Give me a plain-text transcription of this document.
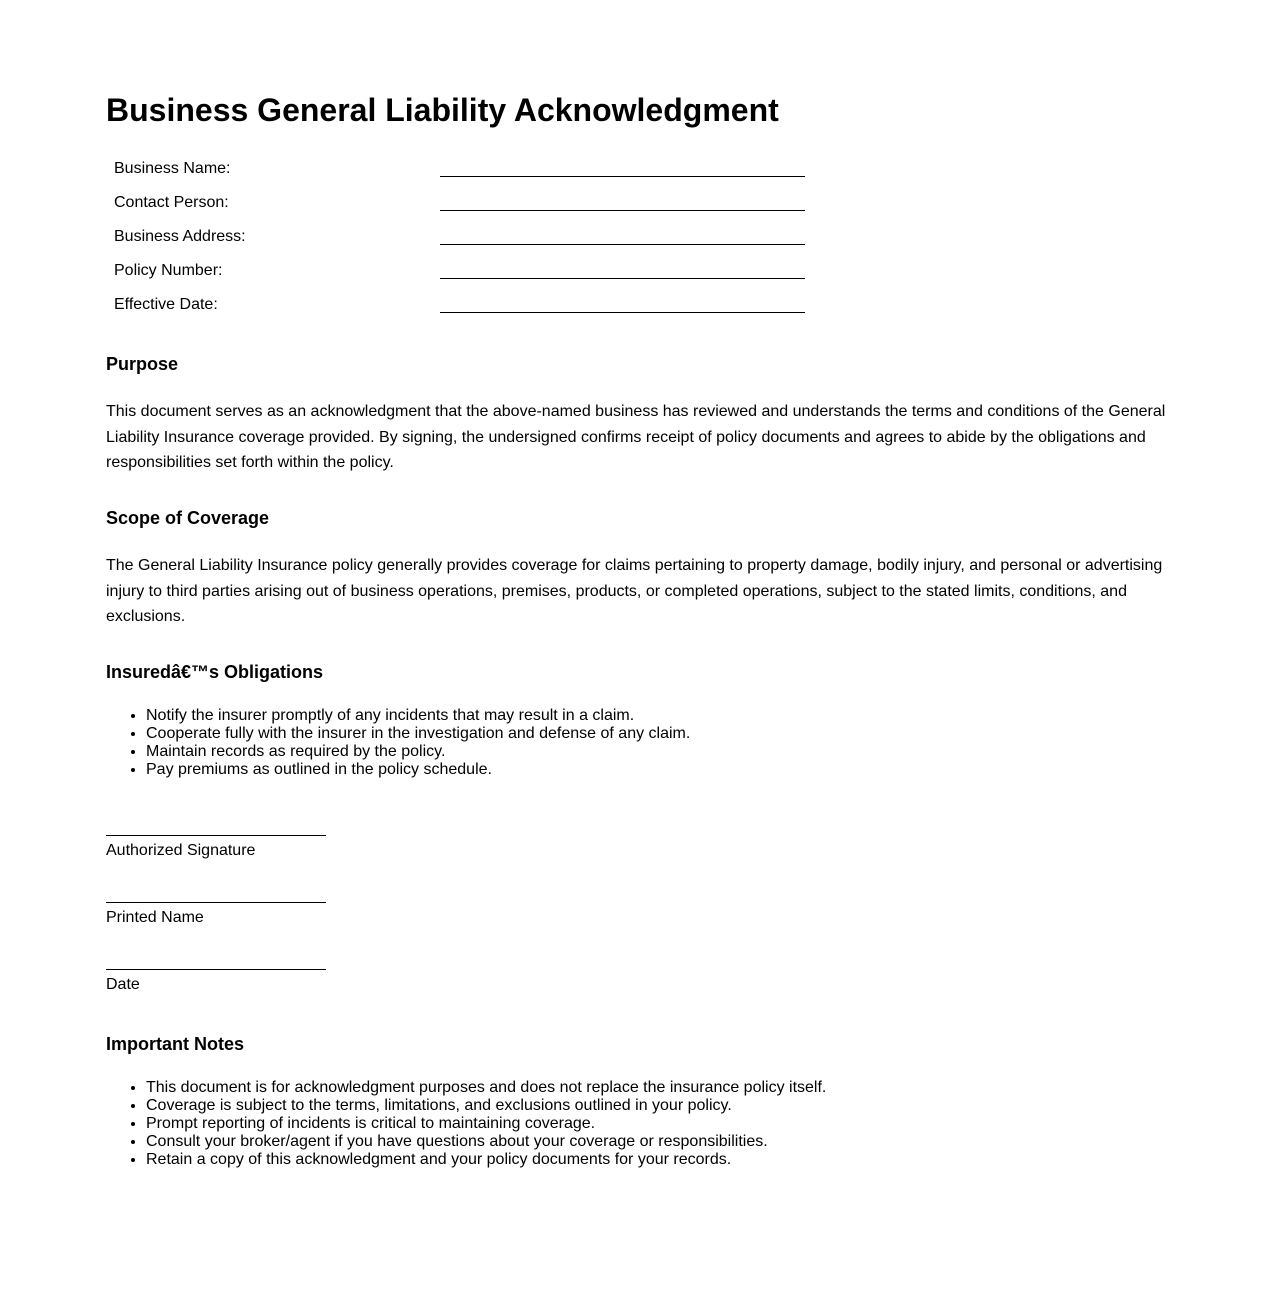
Business General Liability Acknowledgment
Business Name:
Contact Person:
Business Address:
Policy Number:
Effective Date:
Purpose

This document serves as an acknowledgment that the above-named business has reviewed and understands the terms and conditions of the General Liability Insurance coverage provided. By signing, the undersigned confirms receipt of policy documents and agrees to abide by the obligations and responsibilities set forth within the policy.

Scope of Coverage

The General Liability Insurance policy generally provides coverage for claims pertaining to property damage, bodily injury, and personal or advertising injury to third parties arising out of business operations, premises, products, or completed operations, subject to the stated limits, conditions, and exclusions.

Insuredâ€™s Obligations
• Notify the insurer promptly of any incidents that may result in a claim.
• Cooperate fully with the insurer in the investigation and defense of any claim.
• Maintain records as required by the policy.
• Pay premiums as outlined in the policy schedule.
Authorized Signature
Printed Name
Date
Important Notes
• This document is for acknowledgment purposes and does not replace the insurance policy itself.
• Coverage is subject to the terms, limitations, and exclusions outlined in your policy.
• Prompt reporting of incidents is critical to maintaining coverage.
• Consult your broker/agent if you have questions about your coverage or responsibilities.
• Retain a copy of this acknowledgment and your policy documents for your records.
